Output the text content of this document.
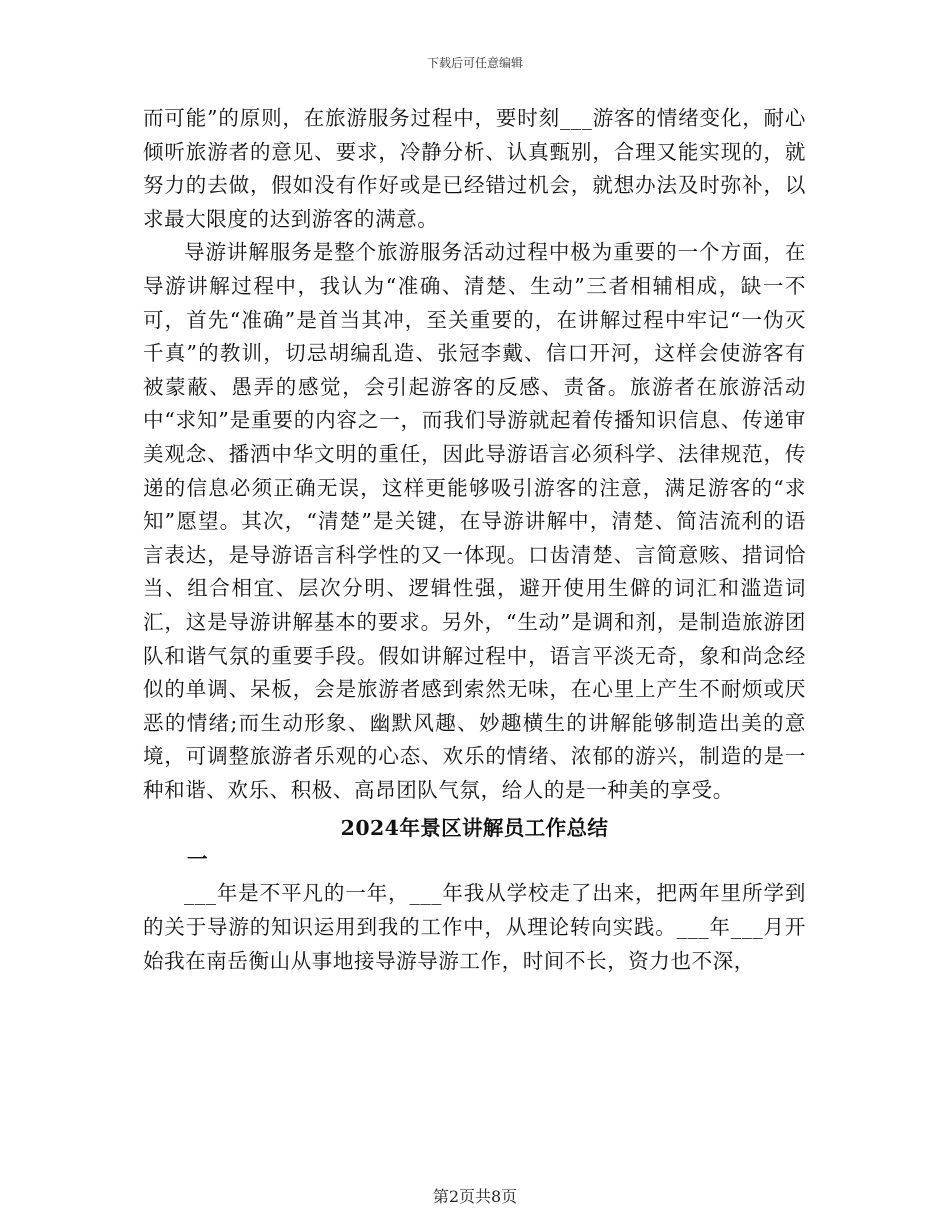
下载后可任意编辑

而可能”的原则，在旅游服务过程中，要时刻___游客的情绪变化，耐心倾听旅游者的意见、要求，冷静分析、认真甄别，合理又能实现的，就努力的去做，假如没有作好或是已经错过机会，就想办法及时弥补，以求最大限度的达到游客的满意。

导游讲解服务是整个旅游服务活动过程中极为重要的一个方面，在导游讲解过程中，我认为“准确、清楚、生动”三者相辅相成，缺一不可，首先“准确”是首当其冲，至关重要的，在讲解过程中牢记“一伪灭千真”的教训，切忌胡编乱造、张冠李戴、信口开河，这样会使游客有被蒙蔽、愚弄的感觉，会引起游客的反感、责备。旅游者在旅游活动中“求知”是重要的内容之一，而我们导游就起着传播知识信息、传递审美观念、播洒中华文明的重任，因此导游语言必须科学、法律规范，传递的信息必须正确无误，这样更能够吸引游客的注意，满足游客的“求知”愿望。其次，“清楚”是关键，在导游讲解中，清楚、简洁流利的语言表达，是导游语言科学性的又一体现。口齿清楚、言简意赅、措词恰当、组合相宜、层次分明、逻辑性强，避开使用生僻的词汇和滥造词汇，这是导游讲解基本的要求。另外，“生动”是调和剂，是制造旅游团队和谐气氛的重要手段。假如讲解过程中，语言平淡无奇，象和尚念经似的单调、呆板，会是旅游者感到索然无味，在心里上产生不耐烦或厌恶的情绪;而生动形象、幽默风趣、妙趣横生的讲解能够制造出美的意境，可调整旅游者乐观的心态、欢乐的情绪、浓郁的游兴，制造的是一种和谐、欢乐、积极、高昂团队气氛，给人的是一种美的享受。

2024年景区讲解员工作总结
一

___年是不平凡的一年，___年我从学校走了出来，把两年里所学到的关于导游的知识运用到我的工作中，从理论转向实践。___年___月开始我在南岳衡山从事地接导游导游工作，时间不长，资力也不深，

第2页共8页
